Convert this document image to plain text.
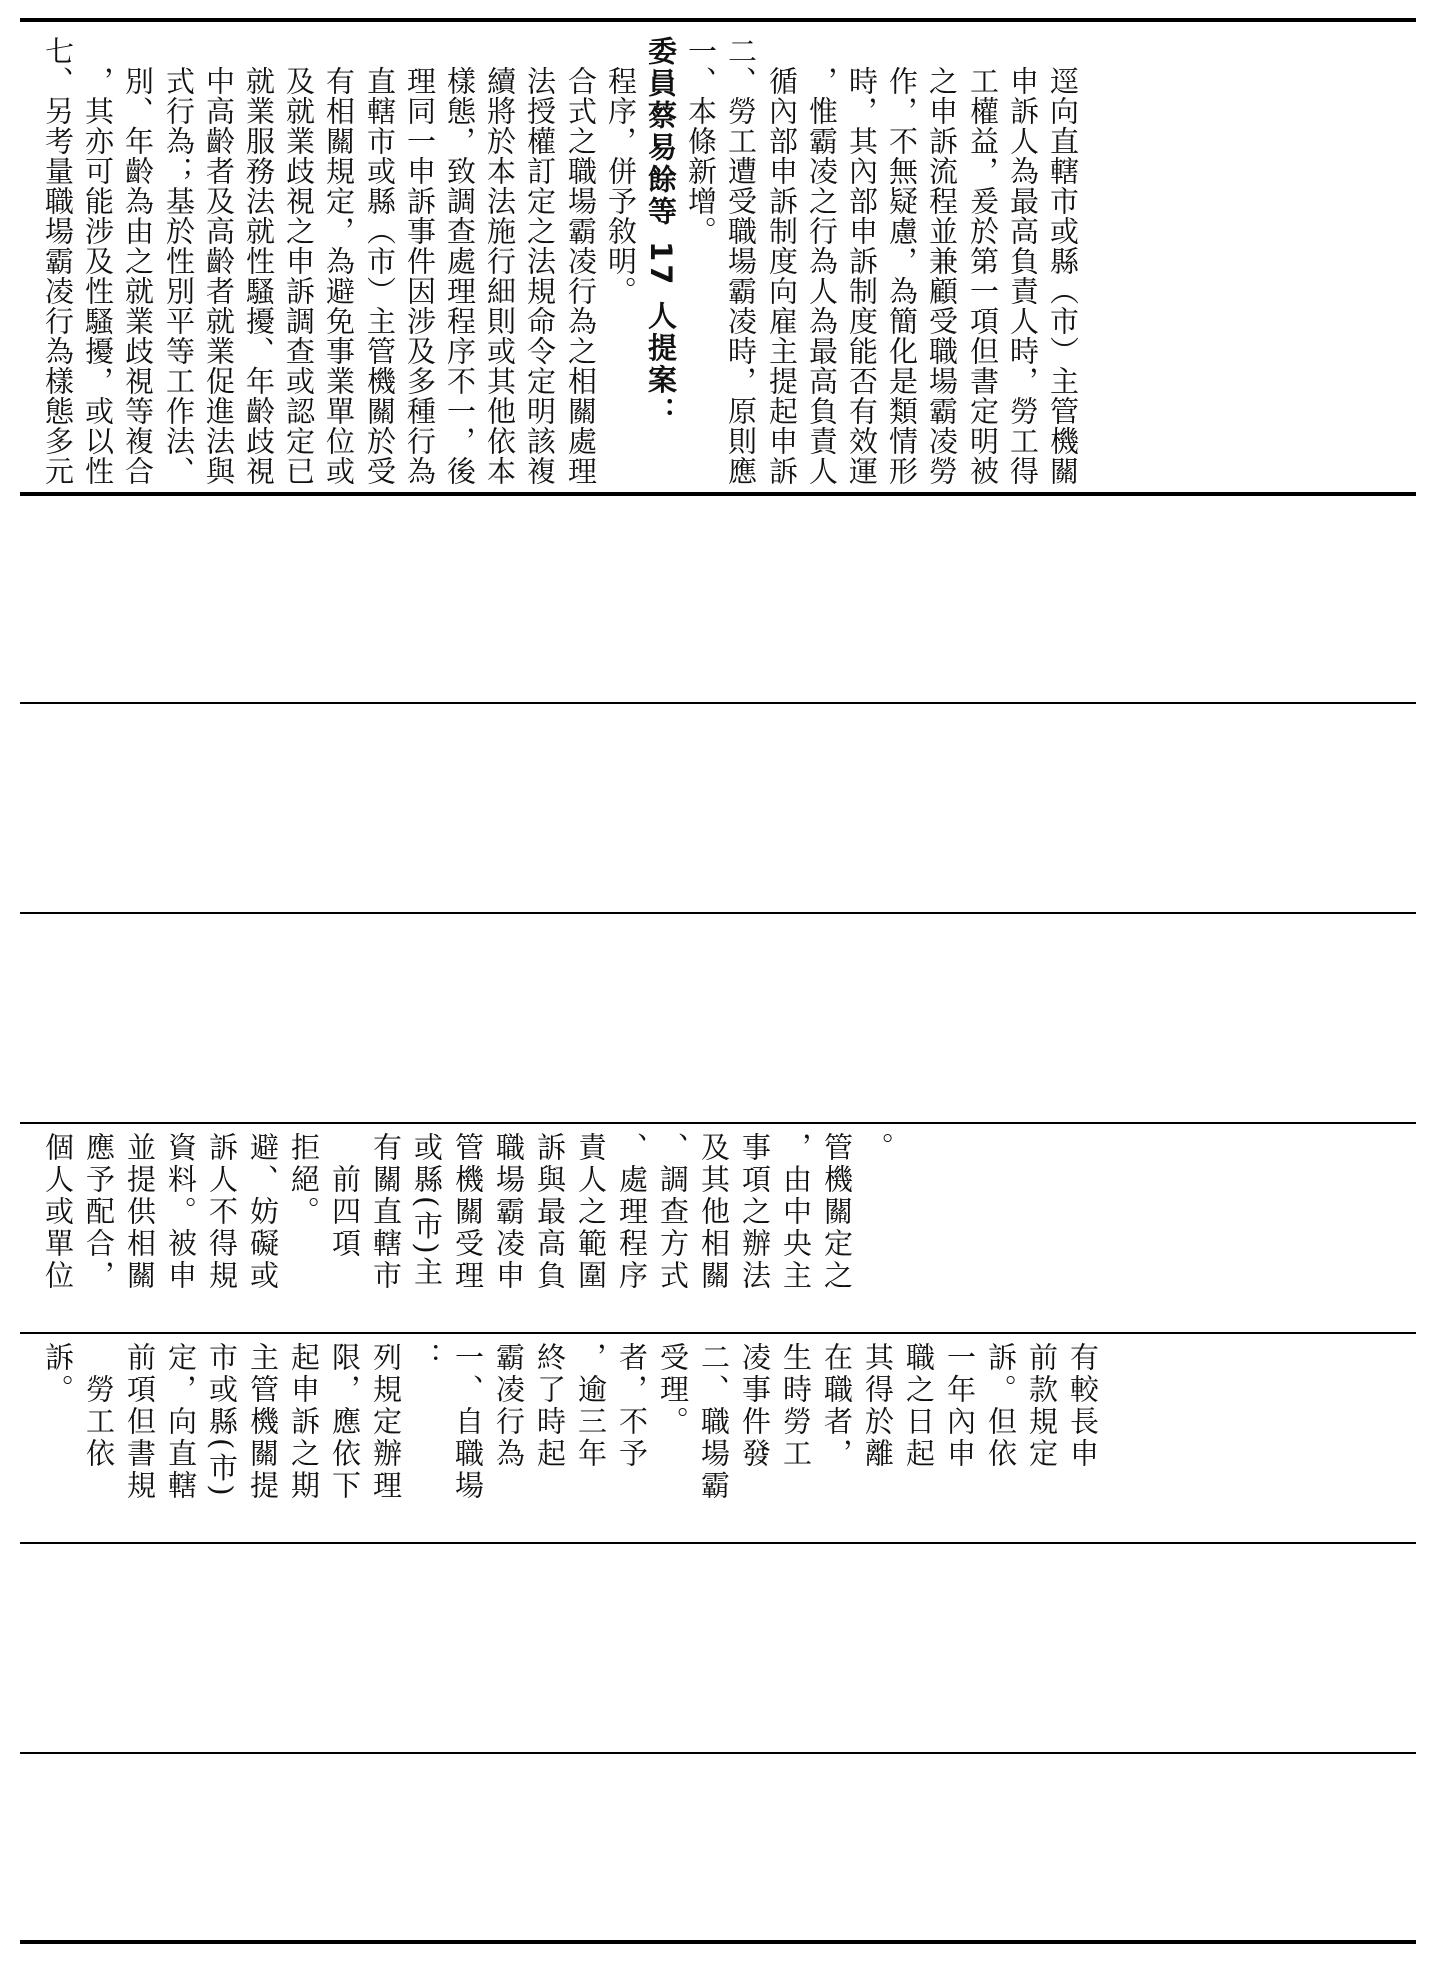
七、另考量職場霸凌行為樣態多元 　，其亦可能涉及性騷擾，或以性 　別、年齡為由之就業歧視等複合 　式行為；基於性別平等工作法、 　中高齡者及高齡者就業促進法與 　就業服務法就性騷擾、年齡歧視 　及就業歧視之申訴調查或認定已 　有相關規定，為避免事業單位或 　直轄市或縣（市）主管機關於受 　理同一申訴事件因涉及多種行為 　樣態，致調查處理程序不一，後 　續將於本法施行細則或其他依本 　法授權訂定之法規命令定明該複 　合式之職場霸凌行為之相關處理 　程序，併予敘明。 委員蔡易餘等 17 人提案： 一、本條新增。 二、勞工遭受職場霸凌時，原則應 　循內部申訴制度向雇主提起申訴 　，惟霸凌之行為人為最高負責人 　時，其內部申訴制度能否有效運 　作，不無疑慮，為簡化是類情形 　之申訴流程並兼顧受職場霸凌勞 　工權益，爰於第一項但書定明被 　申訴人為最高負責人時，勞工得 　逕向直轄市或縣（市）主管機關
個人或單位 應予配合， 並提供相關 資料。被申 訴人不得規 避、妨礙或 拒絕。 　前四項 有關直轄市 或縣(市)主 管機關受理 職場霸凌申 訴與最高負 責人之範圍 、處理程序 、調查方式 及其他相關 事項之辦法 ，由中央主 管機關定之 。
訴。 　勞工依 前項但書規 定，向直轄 市或縣(市) 主管機關提 起申訴之期 限，應依下 列規定辦理 ： 一、自職場 霸凌行為 終了時起 ，逾三年 者，不予 受理。 二、職場霸 凌事件發 生時勞工 在職者， 其得於離 職之日起 一年內申 訴。但依 前款規定 有較長申
